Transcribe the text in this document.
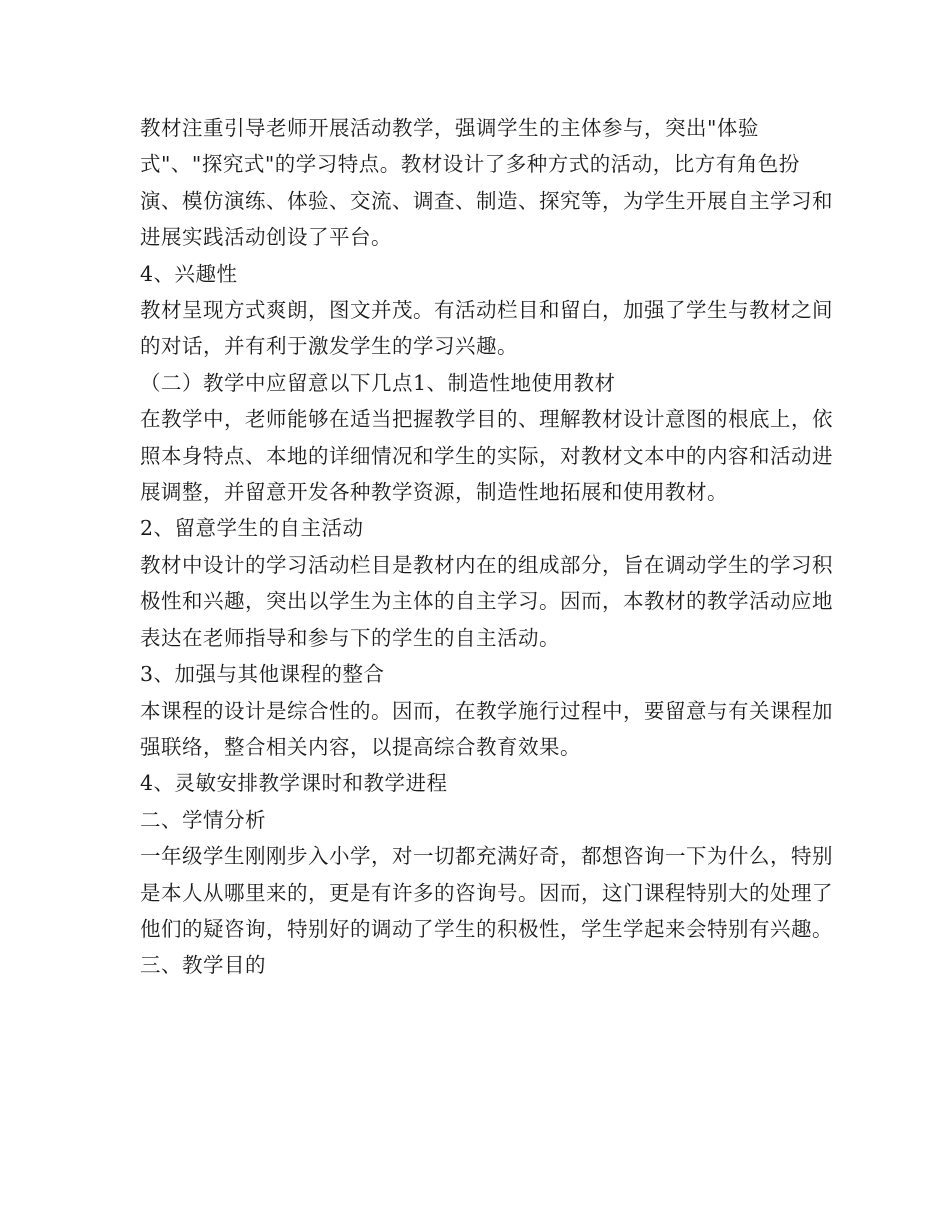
教材注重引导老师开展活动教学，强调学生的主体参与，突出"体验式"、"探究式"的学习特点。教材设计了多种方式的活动，比方有角色扮演、模仿演练、体验、交流、调查、制造、探究等，为学生开展自主学习和进展实践活动创设了平台。

4、兴趣性

教材呈现方式爽朗，图文并茂。有活动栏目和留白，加强了学生与教材之间的对话，并有利于激发学生的学习兴趣。

（二）教学中应留意以下几点1、制造性地使用教材

在教学中，老师能够在适当把握教学目的、理解教材设计意图的根底上，依照本身特点、本地的详细情况和学生的实际，对教材文本中的内容和活动进展调整，并留意开发各种教学资源，制造性地拓展和使用教材。

2、留意学生的自主活动

教材中设计的学习活动栏目是教材内在的组成部分，旨在调动学生的学习积极性和兴趣，突出以学生为主体的自主学习。因而，本教材的教学活动应地表达在老师指导和参与下的学生的自主活动。

3、加强与其他课程的整合

本课程的设计是综合性的。因而，在教学施行过程中，要留意与有关课程加强联络，整合相关内容，以提高综合教育效果。

4、灵敏安排教学课时和教学进程

二、学情分析

一年级学生刚刚步入小学，对一切都充满好奇，都想咨询一下为什么，特别是本人从哪里来的，更是有许多的咨询号。因而，这门课程特别大的处理了他们的疑咨询，特别好的调动了学生的积极性，学生学起来会特别有兴趣。

三、教学目的
